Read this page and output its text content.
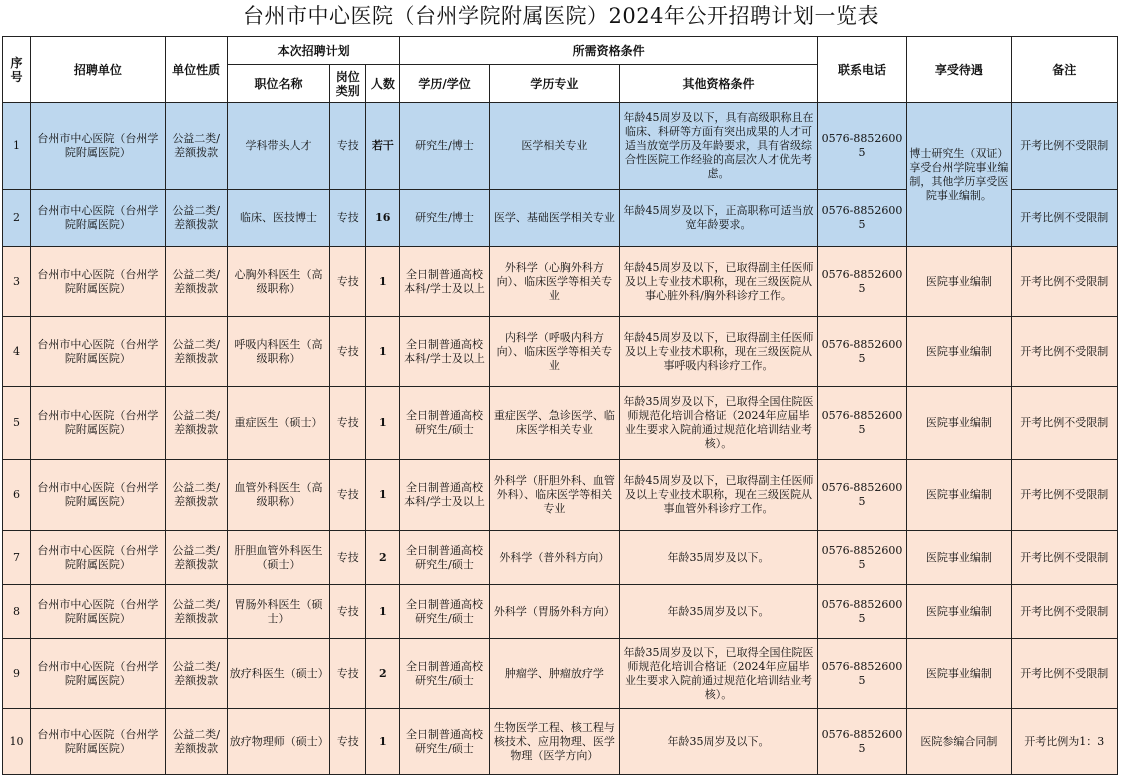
台州市中心医院（台州学院附属医院）2024年公开招聘计划一览表
序号	招聘单位	单位性质	本次招聘计划			所需资格条件			联系电话	享受待遇	备注
			职位名称	岗位类别	人数	学历/学位	学历专业	其他资格条件			
1	台州市中心医院（台州学院附属医院）	公益二类/差额拨款	学科带头人才	专技	若干	研究生/博士	医学相关专业	年龄45周岁及以下，具有高级职称且在临床、科研等方面有突出成果的人才可适当放宽学历及年龄要求，具有省级综合性医院工作经验的高层次人才优先考虑。	0576-88526005	博士研究生（双证）享受台州学院事业编制，其他学历享受医院事业编制。	开考比例不受限制
2	台州市中心医院（台州学院附属医院）	公益二类/差额拨款	临床、医技博士	专技	16	研究生/博士	医学、基础医学相关专业	年龄45周岁及以下，正高职称可适当放宽年龄要求。	0576-88526005		开考比例不受限制
3	台州市中心医院（台州学院附属医院）	公益二类/差额拨款	心胸外科医生（高级职称）	专技	1	全日制普通高校本科/学士及以上	外科学（心胸外科方向）、临床医学等相关专业	年龄45周岁及以下，已取得副主任医师及以上专业技术职称，现在三级医院从事心脏外科/胸外科诊疗工作。	0576-88526005	医院事业编制	开考比例不受限制
4	台州市中心医院（台州学院附属医院）	公益二类/差额拨款	呼吸内科医生（高级职称）	专技	1	全日制普通高校本科/学士及以上	内科学（呼吸内科方向）、临床医学等相关专业	年龄45周岁及以下，已取得副主任医师及以上专业技术职称，现在三级医院从事呼吸内科诊疗工作。	0576-88526005	医院事业编制	开考比例不受限制
5	台州市中心医院（台州学院附属医院）	公益二类/差额拨款	重症医生（硕士）	专技	1	全日制普通高校研究生/硕士	重症医学、急诊医学、临床医学相关专业	年龄35周岁及以下，已取得全国住院医师规范化培训合格证（2024年应届毕业生要求入院前通过规范化培训结业考核）。	0576-88526005	医院事业编制	开考比例不受限制
6	台州市中心医院（台州学院附属医院）	公益二类/差额拨款	血管外科医生（高级职称）	专技	1	全日制普通高校本科/学士及以上	外科学（肝胆外科、血管外科）、临床医学等相关专业	年龄45周岁及以下，已取得副主任医师及以上专业技术职称，现在三级医院从事血管外科诊疗工作。	0576-88526005	医院事业编制	开考比例不受限制
7	台州市中心医院（台州学院附属医院）	公益二类/差额拨款	肝胆血管外科医生（硕士）	专技	2	全日制普通高校研究生/硕士	外科学（普外科方向）	年龄35周岁及以下。	0576-88526005	医院事业编制	开考比例不受限制
8	台州市中心医院（台州学院附属医院）	公益二类/差额拨款	胃肠外科医生（硕士）	专技	1	全日制普通高校研究生/硕士	外科学（胃肠外科方向）	年龄35周岁及以下。	0576-88526005	医院事业编制	开考比例不受限制
9	台州市中心医院（台州学院附属医院）	公益二类/差额拨款	放疗科医生（硕士）	专技	2	全日制普通高校研究生/硕士	肿瘤学、肿瘤放疗学	年龄35周岁及以下，已取得全国住院医师规范化培训合格证（2024年应届毕业生要求入院前通过规范化培训结业考核）。	0576-88526005	医院事业编制	开考比例不受限制
10	台州市中心医院（台州学院附属医院）	公益二类/差额拨款	放疗物理师（硕士）	专技	1	全日制普通高校研究生/硕士	生物医学工程、核工程与核技术、应用物理、医学物理（医学方向）	年龄35周岁及以下。	0576-88526005	医院参编合同制	开考比例为1：3
